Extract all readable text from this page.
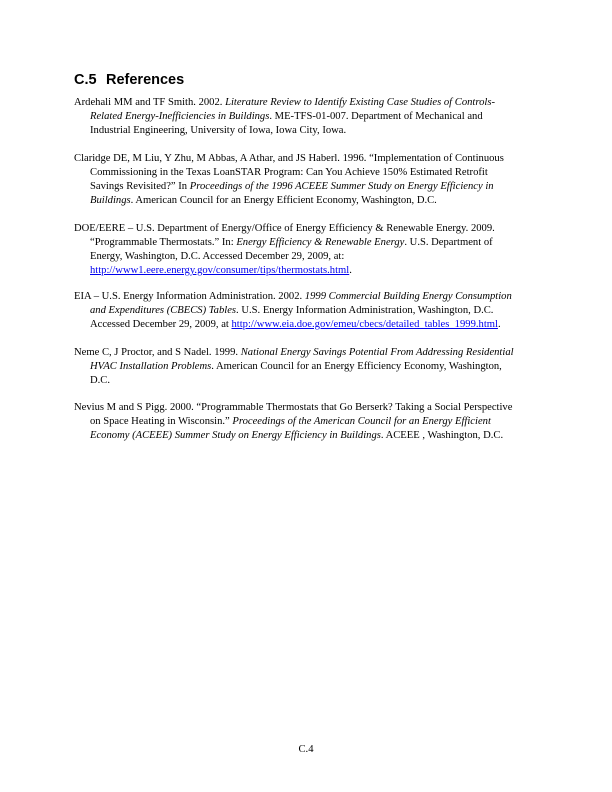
C.5 References
Ardehali MM and TF Smith. 2002. Literature Review to Identify Existing Case Studies of Controls-
Related Energy-Inefficiencies in Buildings. ME-TFS-01-007. Department of Mechanical and
Industrial Engineering, University of Iowa, Iowa City, Iowa.
Claridge DE, M Liu, Y Zhu, M Abbas, A Athar, and JS Haberl. 1996. “Implementation of Continuous
Commissioning in the Texas LoanSTAR Program: Can You Achieve 150% Estimated Retrofit
Savings Revisited?” In Proceedings of the 1996 ACEEE Summer Study on Energy Efficiency in
Buildings. American Council for an Energy Efficient Economy, Washington, D.C.
DOE/EERE – U.S. Department of Energy/Office of Energy Efficiency & Renewable Energy. 2009.
“Programmable Thermostats.” In: Energy Efficiency & Renewable Energy. U.S. Department of
Energy, Washington, D.C. Accessed December 29, 2009, at:
http://www1.eere.energy.gov/consumer/tips/thermostats.html.
EIA – U.S. Energy Information Administration. 2002. 1999 Commercial Building Energy Consumption
and Expenditures (CBECS) Tables. U.S. Energy Information Administration, Washington, D.C.
Accessed December 29, 2009, at http://www.eia.doe.gov/emeu/cbecs/detailed_tables_1999.html.
Neme C, J Proctor, and S Nadel. 1999. National Energy Savings Potential From Addressing Residential
HVAC Installation Problems. American Council for an Energy Efficiency Economy, Washington,
D.C.
Nevius M and S Pigg. 2000. “Programmable Thermostats that Go Berserk? Taking a Social Perspective
on Space Heating in Wisconsin.” Proceedings of the American Council for an Energy Efficient
Economy (ACEEE) Summer Study on Energy Efficiency in Buildings. ACEEE , Washington, D.C.
C.4
